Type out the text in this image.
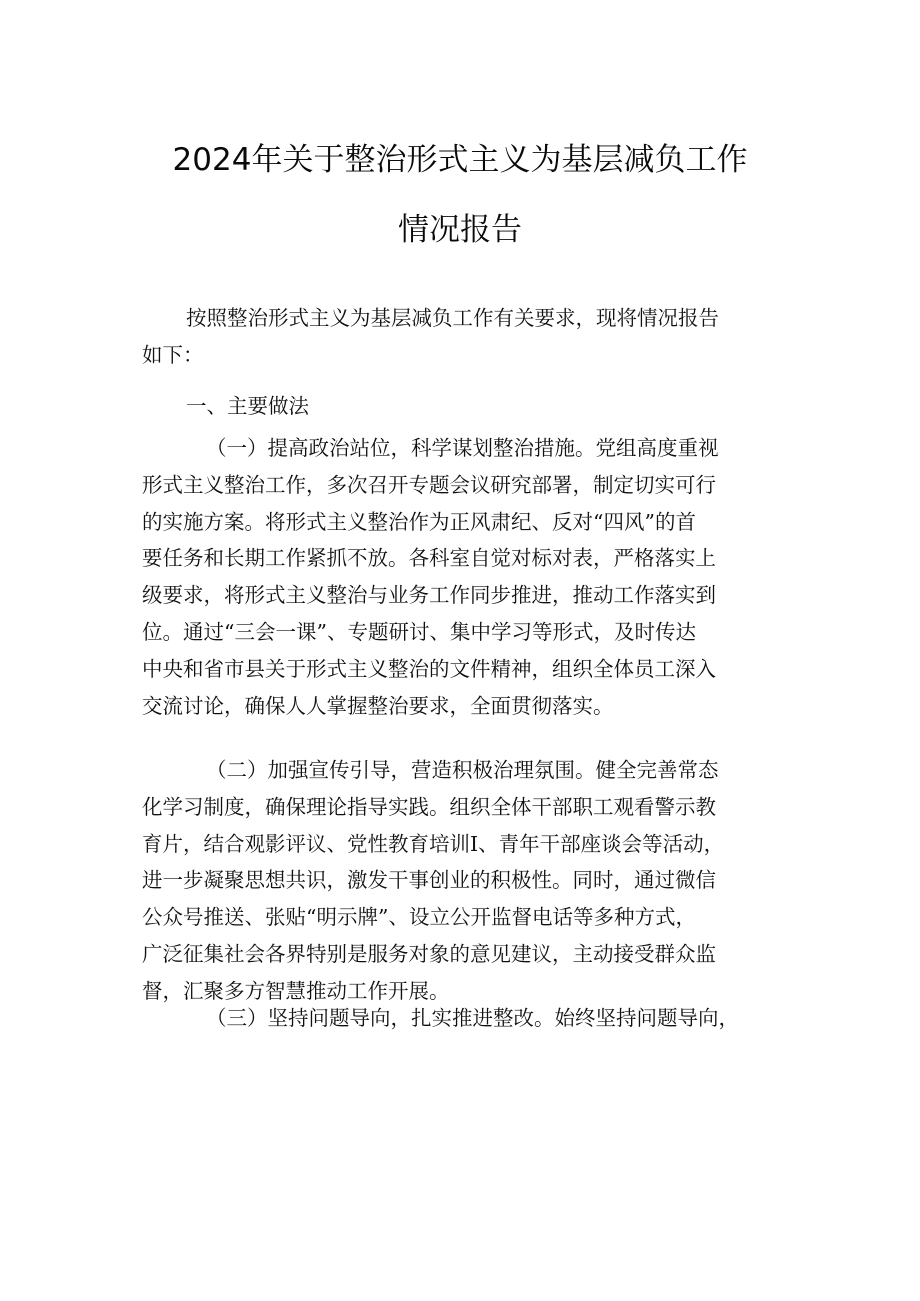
2024年关于整治形式主义为基层减负工作
情况报告
按照整治形式主义为基层减负工作有关要求，现将情况报告
如下：
一、主要做法
（一）提高政治站位，科学谋划整治措施。党组高度重视
形式主义整治工作，多次召开专题会议研究部署，制定切实可行
的实施方案。将形式主义整治作为正风肃纪、反对“四风”的首
要任务和长期工作紧抓不放。各科室自觉对标对表，严格落实上
级要求，将形式主义整治与业务工作同步推进，推动工作落实到
位。通过“三会一课”、专题研讨、集中学习等形式，及时传达
中央和省市县关于形式主义整治的文件精神，组织全体员工深入
交流讨论，确保人人掌握整治要求，全面贯彻落实。
（二）加强宣传引导，营造积极治理氛围。健全完善常态
化学习制度，确保理论指导实践。组织全体干部职工观看警示教
育片，结合观影评议、党性教育培训I、青年干部座谈会等活动，
进一步凝聚思想共识，激发干事创业的积极性。同时，通过微信
公众号推送、张贴“明示牌”、设立公开监督电话等多种方式，
广泛征集社会各界特别是服务对象的意见建议，主动接受群众监
督，汇聚多方智慧推动工作开展。
（三）坚持问题导向，扎实推进整改。始终坚持问题导向，
